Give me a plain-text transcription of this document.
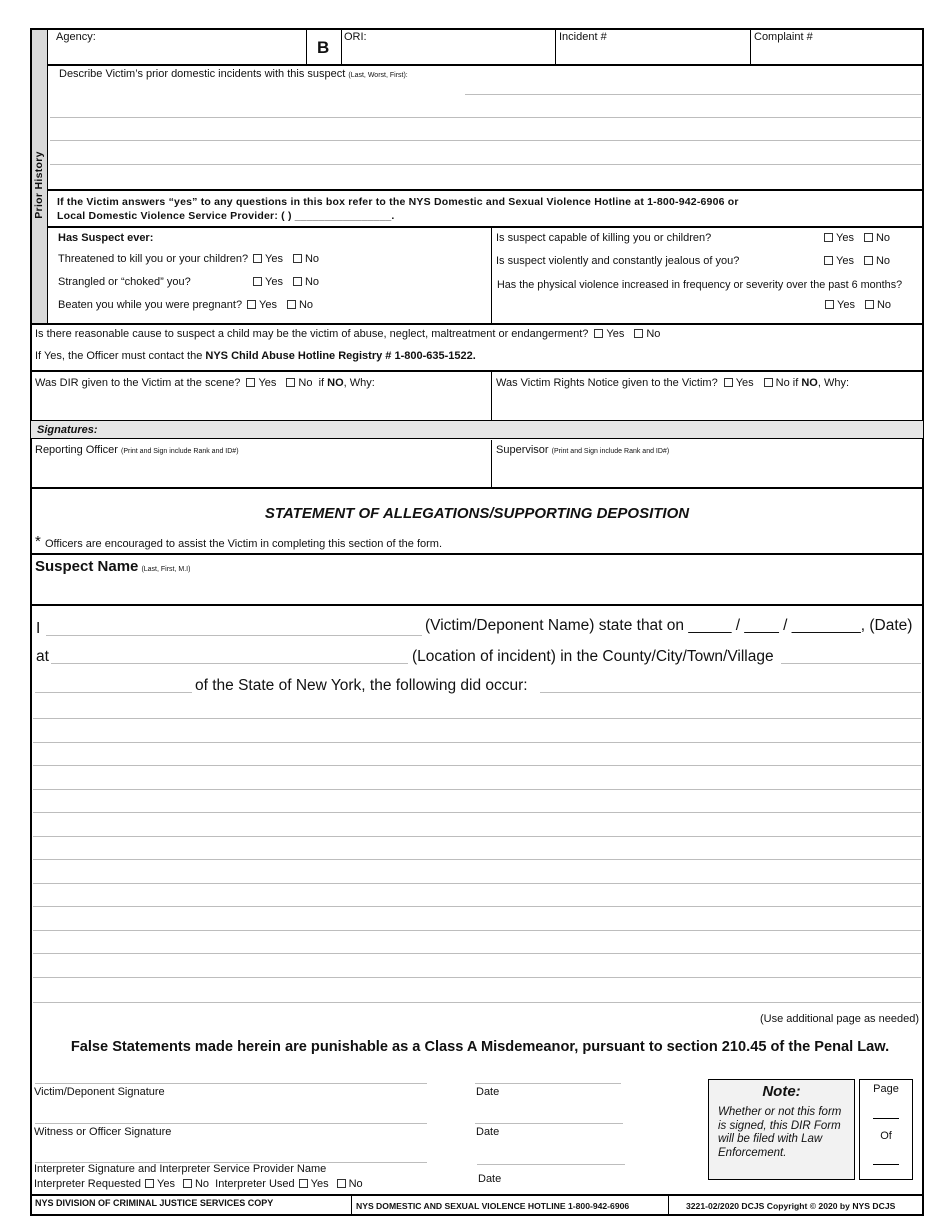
Prior History
Agency:
B
ORI:	Incident #	Complaint #
Describe Victim’s prior domestic incidents with this suspect (Last, Worst, First):
If the Victim answers “yes” to any questions in this box refer to the NYS Domestic and Sexual Violence Hotline at 1-800-942-6906 or
Local Domestic Violence Service Provider: ( ) ________________.
Has Suspect ever:
Threatened to kill you or your children?	Yes No
Strangled or “choked” you?	Yes No
Beaten you while you were pregnant?	Yes No
Is suspect capable of killing you or children?	Yes No
Is suspect violently and constantly jealous of you?	Yes No
Has the physical violence increased in frequency or severity over the past 6 months?
Yes No
Is there reasonable cause to suspect a child may be the victim of abuse, neglect, maltreatment or endangerment? Yes No
If Yes, the Officer must contact the NYS Child Abuse Hotline Registry # 1-800-635-1522.
Was DIR given to the Victim at the scene? Yes No if NO, Why:	Was Victim Rights Notice given to the Victim? Yes No if NO, Why:
Signatures:
Reporting Officer (Print and Sign include Rank and ID#)	Supervisor (Print and Sign include Rank and ID#)
STATEMENT OF ALLEGATIONS/SUPPORTING DEPOSITION
* Officers are encouraged to assist the Victim in completing this section of the form.
Suspect Name (Last, First, M.I)
I	(Victim/Deponent Name) state that on _____ / ____ / ________, (Date)
at	(Location of incident) in the County/City/Town/Village
of the State of New York, the following did occur:
(Use additional page as needed)
False Statements made herein are punishable as a Class A Misdemeanor, pursuant to section 210.45 of the Penal Law.
Victim/Deponent Signature	Date
Witness or Officer Signature	Date
Interpreter Signature and Interpreter Service Provider Name
Interpreter Requested Yes No Interpreter Used Yes No	Date
Note:
Whether or not this form is signed, this DIR Form will be filed with Law Enforcement.
Page
Of
NYS DIVISION OF CRIMINAL JUSTICE SERVICES COPY	NYS DOMESTIC AND SEXUAL VIOLENCE HOTLINE 1-800-942-6906	3221-02/2020 DCJS Copyright © 2020 by NYS DCJS
